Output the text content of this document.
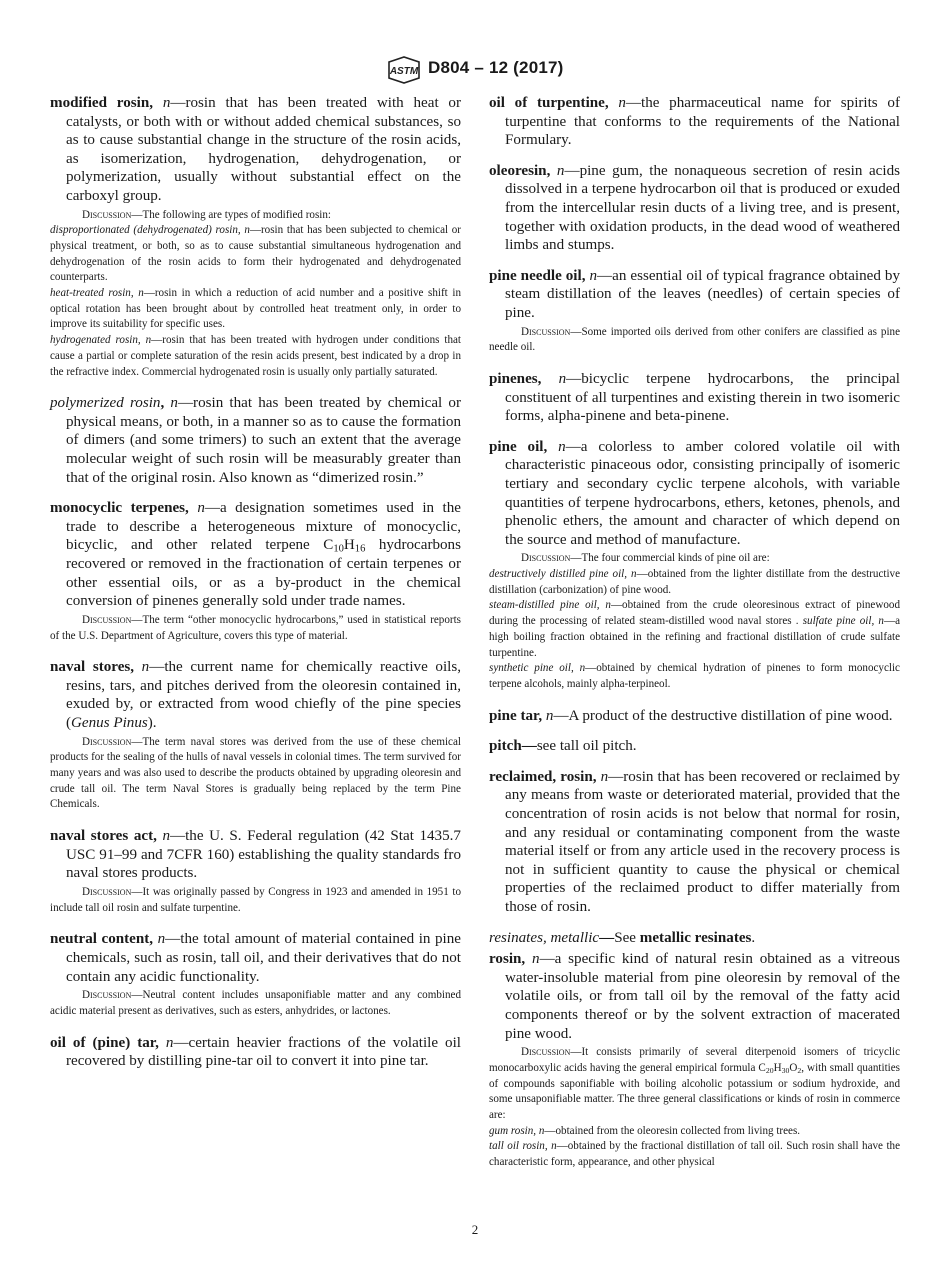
ASTM D804 – 12 (2017)

modified rosin, n—rosin that has been treated with heat or catalysts, or both with or without added chemical substances, so as to cause substantial change in the structure of the rosin acids, as isomerization, hydrogenation, dehydrogenation, or polymerization, usually without substantial effect on the carboxyl group.

Discussion—The following are types of modified rosin:

disproportionated (dehydrogenated) rosin, n—rosin that has been subjected to chemical or physical treatment, or both, so as to cause substantial simultaneous hydrogenation and dehydrogenation of the rosin acids to form their hydrogenated and dehydrogenated counterparts.

heat-treated rosin, n—rosin in which a reduction of acid number and a positive shift in optical rotation has been brought about by controlled heat treatment only, in order to improve its suitability for specific uses.

hydrogenated rosin, n—rosin that has been treated with hydrogen under conditions that cause a partial or complete saturation of the resin acids present, best indicated by a drop in the refractive index. Commercial hydrogenated rosin is usually only partially saturated.

polymerized rosin, n—rosin that has been treated by chemical or physical means, or both, in a manner so as to cause the formation of dimers (and some trimers) to such an extent that the average molecular weight of such rosin will be measurably greater than that of the original rosin. Also known as “dimerized rosin.”

monocyclic terpenes, n—a designation sometimes used in the trade to describe a heterogeneous mixture of monocyclic, bicyclic, and other related terpene $C_{10}H_{16}$ hydrocarbons recovered or removed in the fractionation of certain terpenes or other essential oils, or as a by-product in the chemical conversion of pinenes generally sold under trade names.

Discussion—The term “other monocyclic hydrocarbons,” used in statistical reports of the U.S. Department of Agriculture, covers this type of material.

naval stores, n—the current name for chemically reactive oils, resins, tars, and pitches derived from the oleoresin contained in, exuded by, or extracted from wood chiefly of the pine species (Genus Pinus).

Discussion—The term naval stores was derived from the use of these chemical products for the sealing of the hulls of naval vessels in colonial times. The term survived for many years and was also used to describe the products obtained by upgrading oleoresin and crude tall oil. The term Naval Stores is gradually being replaced by the term Pine Chemicals.

naval stores act, n—the U. S. Federal regulation (42 Stat 1435.7 USC 91–99 and 7CFR 160) establishing the quality standards fro naval stores products.

Discussion—It was originally passed by Congress in 1923 and amended in 1951 to include tall oil rosin and sulfate turpentine.

neutral content, n—the total amount of material contained in pine chemicals, such as rosin, tall oil, and their derivatives that do not contain any acidic functionality.

Discussion—Neutral content includes unsaponifiable matter and any combined acidic material present as derivatives, such as esters, anhydrides, or lactones.

oil of (pine) tar, n—certain heavier fractions of the volatile oil recovered by distilling pine-tar oil to convert it into pine tar.

oil of turpentine, n—the pharmaceutical name for spirits of turpentine that conforms to the requirements of the National Formulary.

oleoresin, n—pine gum, the nonaqueous secretion of resin acids dissolved in a terpene hydrocarbon oil that is produced or exuded from the intercellular resin ducts of a living tree, and is present, together with oxidation products, in the dead wood of weathered limbs and stumps.

pine needle oil, n—an essential oil of typical fragrance obtained by steam distillation of the leaves (needles) of certain species of pine.

Discussion—Some imported oils derived from other conifers are classified as pine needle oil.

pinenes, n—bicyclic terpene hydrocarbons, the principal constituent of all turpentines and existing therein in two isomeric forms, alpha-pinene and beta-pinene.

pine oil, n—a colorless to amber colored volatile oil with characteristic pinaceous odor, consisting principally of isomeric tertiary and secondary cyclic terpene alcohols, with variable quantities of terpene hydrocarbons, ethers, ketones, phenols, and phenolic ethers, the amount and character of which depend on the source and method of manufacture.

Discussion—The four commercial kinds of pine oil are:

destructively distilled pine oil, n—obtained from the lighter distillate from the destructive distillation (carbonization) of pine wood.

steam-distilled pine oil, n—obtained from the crude oleoresinous extract of pinewood during the processing of related steam-distilled wood naval stores . sulfate pine oil, n—a high boiling fraction obtained in the refining and fractional distillation of crude sulfate turpentine.

synthetic pine oil, n—obtained by chemical hydration of pinenes to form monocyclic terpene alcohols, mainly alpha-terpineol.

pine tar, n—A product of the destructive distillation of pine wood.

pitch—see tall oil pitch.

reclaimed, rosin, n—rosin that has been recovered or reclaimed by any means from waste or deteriorated material, provided that the concentration of rosin acids is not below that normal for rosin, and any residual or contaminating component from the waste material itself or from any article used in the recovery process is not in sufficient quantity to cause the physical or chemical properties of the reclaimed product to differ materially from those of rosin.

resinates, metallic—See metallic resinates.

rosin, n—a specific kind of natural resin obtained as a vitreous water-insoluble material from pine oleoresin by removal of the volatile oils, or from tall oil by the removal of the fatty acid components thereof or by the solvent extraction of macerated pine wood.

Discussion—It consists primarily of several diterpenoid isomers of tricyclic monocarboxylic acids having the general empirical formula $C_{20}H_{30}O_2$, with small quantities of compounds saponifiable with boiling alcoholic potassium or sodium hydroxide, and some unsaponifiable matter. The three general classifications or kinds of rosin in commerce are:

gum rosin, n—obtained from the oleoresin collected from living trees.

tall oil rosin, n—obtained by the fractional distillation of tall oil. Such rosin shall have the characteristic form, appearance, and other physical

2
